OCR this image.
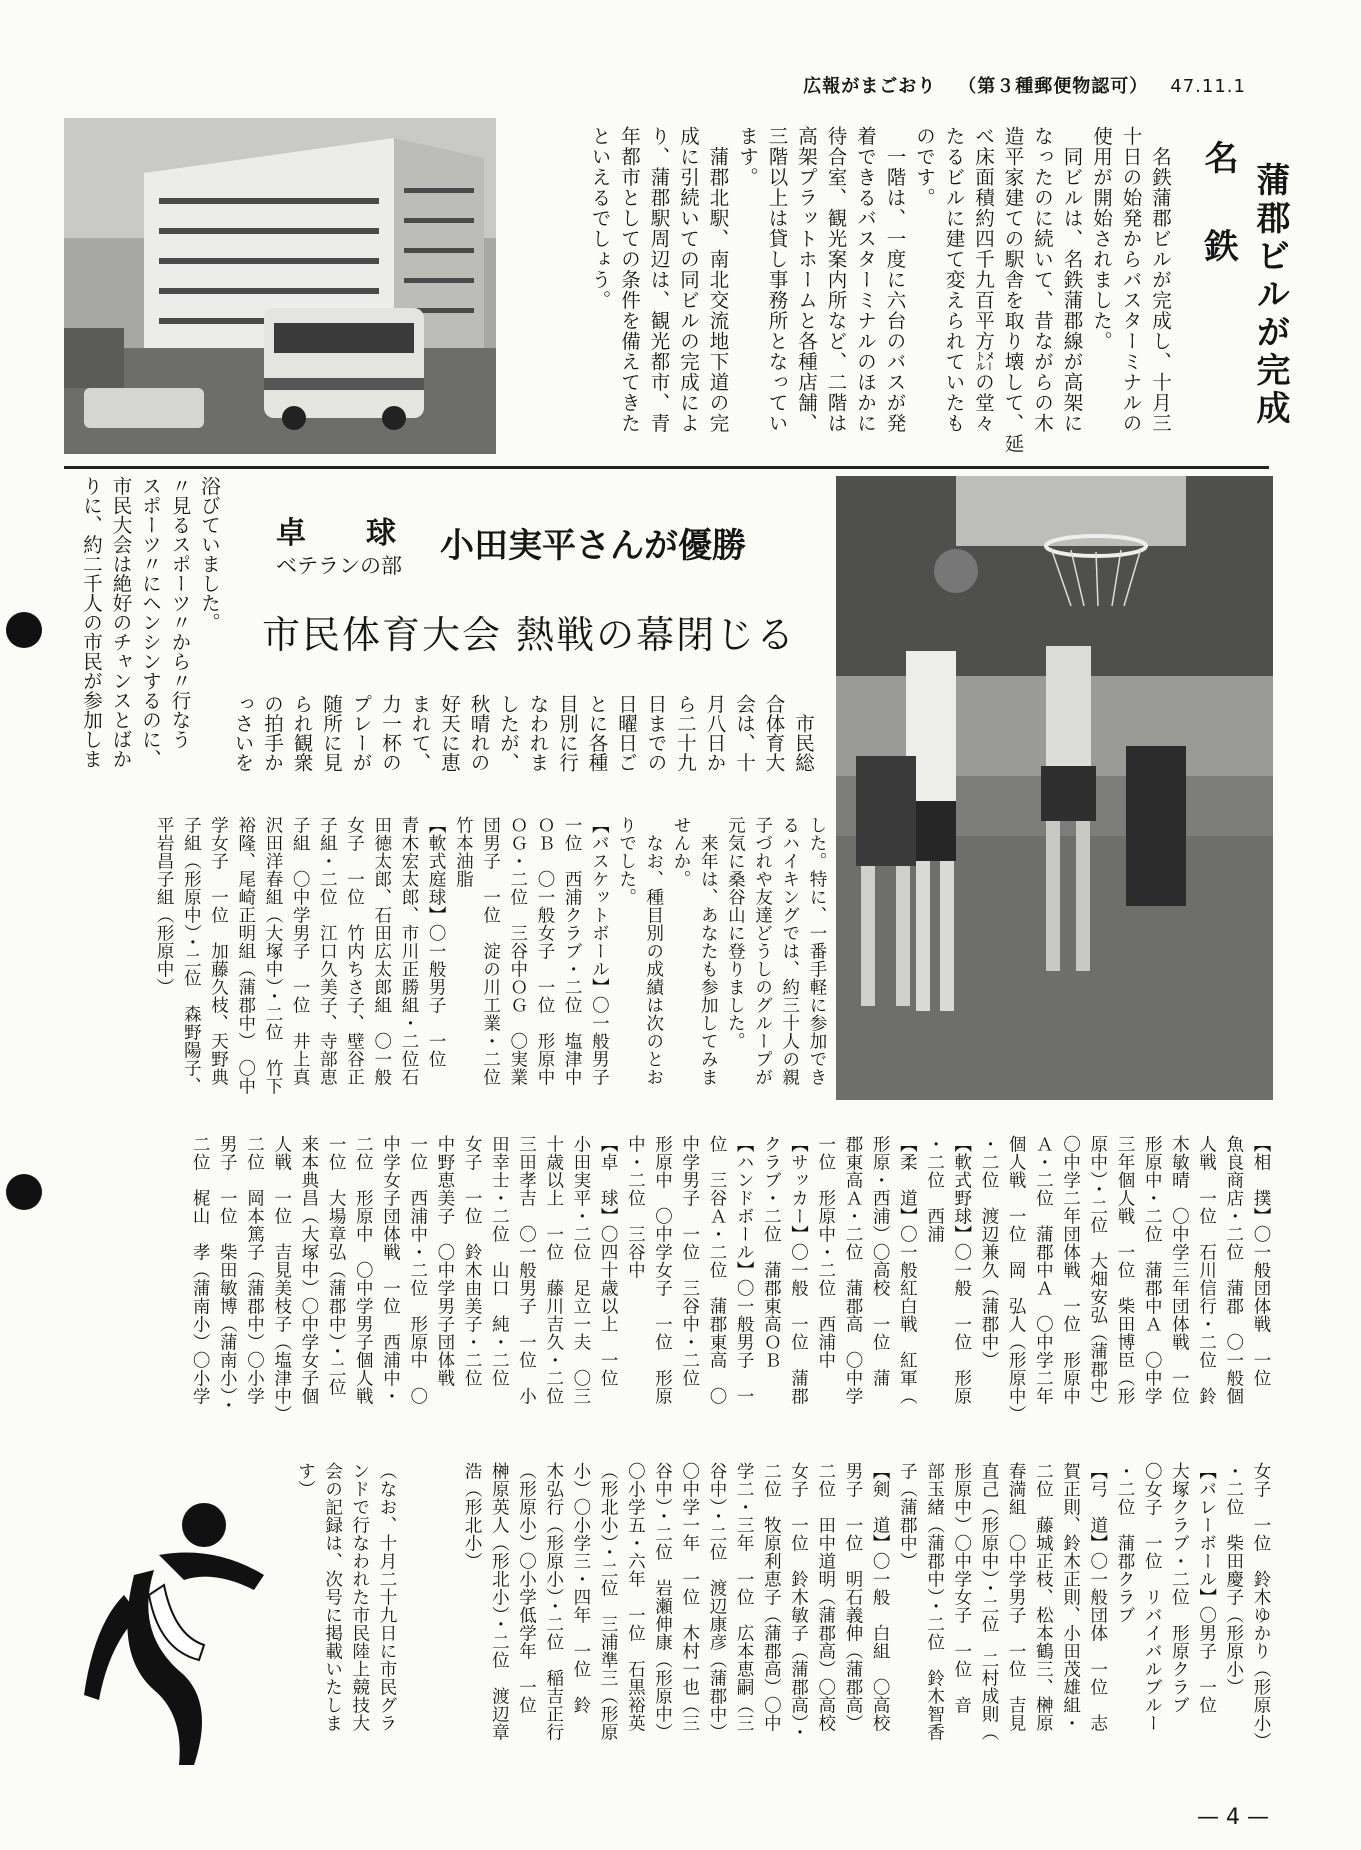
広報がまごおり （第３種郵便物認可） 47.11.1
名　鉄 蒲郡ビルが完成
　名鉄蒲郡ビルが完成し、十月三
十日の始発からバスターミナルの
使用が開始されました。
　同ビルは、名鉄蒲郡線が高架に
なったのに続いて、昔ながらの木
造平家建ての駅舎を取り壊して、延
べ床面積約四千九百平方㍍の堂々
たるビルに建て変えられていたも
のです。
　一階は、一度に六台のバスが発
着できるバスターミナルのほかに
待合室、観光案内所など、二階は
高架プラットホームと各種店舗、
三階以上は貸し事務所となってい
ます。
　蒲郡北駅、南北交流地下道の完
成に引続いての同ビルの完成によ
り、蒲郡駅周辺は、観光都市、青
年都市としての条件を備えてきた
といえるでしょう。
卓　　球
ベテランの部 小田実平さんが優勝
市民体育大会 熱戦の幕閉じる
浴びていました。
〃見るスポーツ〃から〃行なう
スポーツ〃にヘンシンするのに、
市民大会は絶好のチャンスとばか
りに、約二千人の市民が参加しま	　市民総
合体育大
会は、十
月八日か
ら二十九
日までの
日曜日ご
とに各種
目別に行
なわれま
したが、
秋晴れの
好天に恵
まれて、
力一杯の
プレーが
随所に見
られ観衆
の拍手か
っさいを
した。特に、一番手軽に参加でき
るハイキングでは、約三十人の親
子づれや友達どうしのグループが
元気に桑谷山に登りました。
　来年は、あなたも参加してみま
せんか。
　なお、種目別の成績は次のとお
りでした。
【バスケットボール】〇一般男子
一位　西浦クラブ・二位　塩津中
ＯＢ　〇一般女子　一位　形原中
ＯＧ・二位　三谷中ＯＧ　〇実業
団男子　一位　淀の川工業・二位
竹本油脂
【軟式庭球】〇一般男子　一位
青木宏太郎、市川正勝組・二位石
田徳太郎、石田広太郎組　〇一般
女子　一位　竹内ちさ子、壁谷正
子組・二位　江口久美子、寺部恵
子組　〇中学男子　一位　井上真
沢田洋春組（大塚中）・二位　竹下
裕隆、尾崎正明組（蒲郡中）　〇中
学女子　一位　加藤久枝、天野典
子組（形原中）・二位　森野陽子、
平岩昌子組（形原中）
【相　撲】〇一般団体戦　一位
魚良商店・二位　蒲郡　〇一般個
人戦　一位　石川信行・二位　鈴
木敏晴　〇中学三年団体戦　一位
形原中・二位　蒲郡中Ａ　〇中学
三年個人戦　一位　柴田博臣（形
原中）・二位　大畑安弘（蒲郡中）
〇中学二年団体戦　一位　形原中
Ａ・二位　蒲郡中Ａ　〇中学二年
個人戦　一位　岡　弘人（形原中）
・二位　渡辺兼久（蒲郡中）
【軟式野球】〇一般　一位　形原
・二位　西浦
【柔　道】〇一般紅白戦　紅軍（
形原・西浦）〇高校　一位　蒲
郡東高Ａ・二位　蒲郡高　〇中学
一位　形原中・二位　西浦中
【サッカー】〇一般　一位　蒲郡
クラブ・二位　蒲郡東高ＯＢ
【ハンドボール】〇一般男子　一
位　三谷Ａ・二位　蒲郡東高　〇
中学男子　一位　三谷中・二位
形原中　〇中学女子　一位　形原
中・二位　三谷中
【卓　球】〇四十歳以上　一位
小田実平・二位　足立一夫　〇三
十歳以上　一位　藤川吉久・二位
三田孝吉　〇一般男子　一位　小
田幸士・二位　山口　純・二位
女子　一位　鈴木由美子・二位
中野恵美子　〇中学男子団体戦
一位　西浦中・二位　形原中　〇
中学女子団体戦　一位　西浦中・
二位　形原中　〇中学男子個人戦
一位　大場章弘（蒲郡中）・二位
来本典昌（大塚中）〇中学女子個
人戦　一位　吉見美枝子（塩津中）
二位　岡本篤子（蒲郡中）〇小学
男子　一位　柴田敏博（蒲南小）・
二位　梶山　孝（蒲南小）〇小学
女子　一位　鈴木ゆかり（形原小）
・二位　柴田慶子（形原小）
【バレーボール】〇男子　一位
大塚クラブ・二位　形原クラブ
〇女子　一位　リバイバルブルー
・二位　蒲郡クラブ
【弓　道】〇一般団体　一位　志
賀正則、鈴木正則、小田茂雄組・
二位　藤城正枝、松本鶴三、榊原
春満組　〇中学男子　一位　吉見
直己（形原中）・二位　二村成則（
形原中）〇中学女子　一位　音
部玉緒（蒲郡中）・二位　鈴木智香
子（蒲郡中）
【剣　道】〇一般　白組　〇高校
男子　一位　明石義伸（蒲郡高）
二位　田中道明（蒲郡高）〇高校
女子　一位　鈴木敏子（蒲郡高）・
二位　牧原利恵子（蒲郡高）〇中
学二・三年　一位　広本恵嗣（三
谷中）・二位　渡辺康彦（蒲郡中）
〇中学一年　一位　木村一也（三
谷中）・二位　岩瀬伸康（形原中）
〇小学五・六年　一位　石黒裕英
（形北小）・二位　三浦準三（形原
小）〇小学三・四年　一位　鈴
木弘行（形原小）・二位　稲吉正行
（形原小）〇小学低学年　一位
榊原英人（形北小）・二位　渡辺章
浩（形北小）
（なお、十月二十九日に市民グラ
ンドで行なわれた市民陸上競技大
会の記録は、次号に掲載いたしま
す）
— 4 —
